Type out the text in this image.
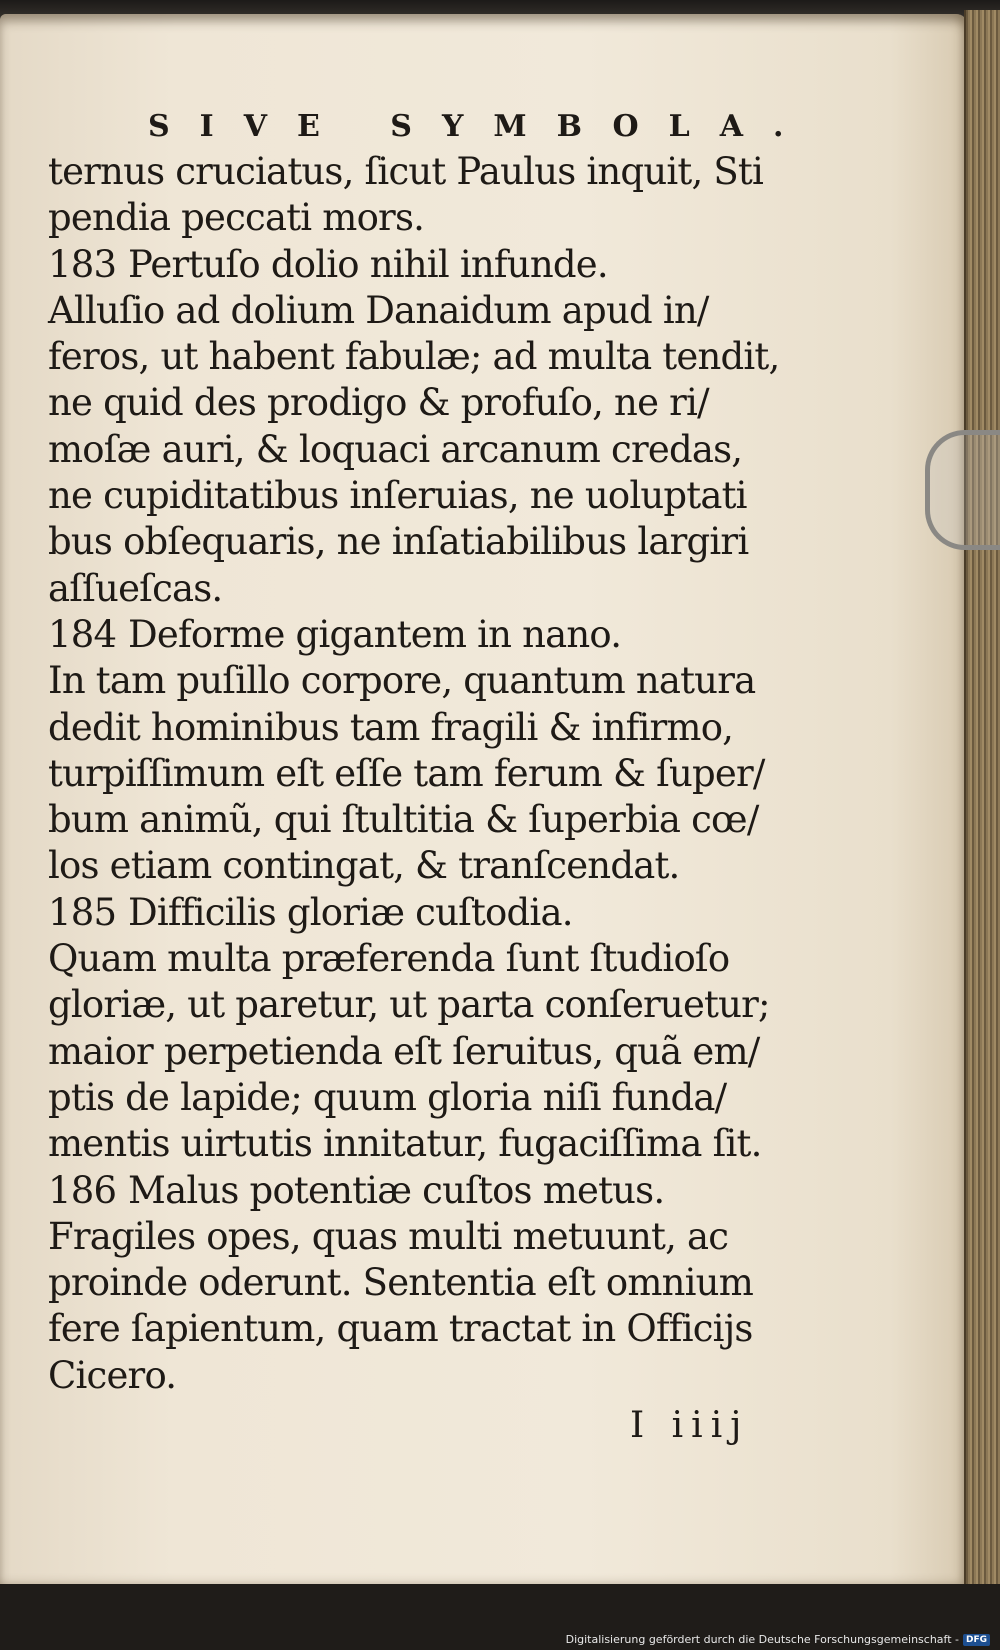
SIVE SYMBOLA.
ternus cruciatus, ſicut Paulus inquit, Sti
pendia peccati mors.
183 Pertuſo dolio nihil infunde.
Alluſio ad dolium Danaidum apud in/
feros, ut habent fabulæ; ad multa tendit,
ne quid des prodigo & profuſo, ne ri/
moſæ auri, & loquaci arcanum credas,
ne cupiditatibus inſeruias, ne uoluptati
bus obſequaris, ne inſatiabilibus largiri
aſſueſcas.
184 Deforme gigantem in nano.
In tam puſillo corpore, quantum natura
dedit hominibus tam fragili & infirmo,
turpiſſimum eſt eſſe tam ferum & ſuper/
bum animũ, qui ſtultitia & ſuperbia cœ/
los etiam contingat, & tranſcendat.
185 Difficilis gloriæ cuſtodia.
Quam multa præferenda ſunt ſtudioſo
gloriæ, ut paretur, ut parta conſeruetur;
maior perpetienda eſt ſeruitus, quã em/
ptis de lapide; quum gloria niſi funda/
mentis uirtutis innitatur, fugaciſſima ſit.
186 Malus potentiæ cuſtos metus.
Fragiles opes, quas multi metuunt, ac
proinde oderunt. Sententia eſt omnium
fere ſapientum, quam tractat in Officijs
Cicero.
I iiij
Digitalisierung gefördert durch die Deutsche Forschungsgemeinschaft - DFG
